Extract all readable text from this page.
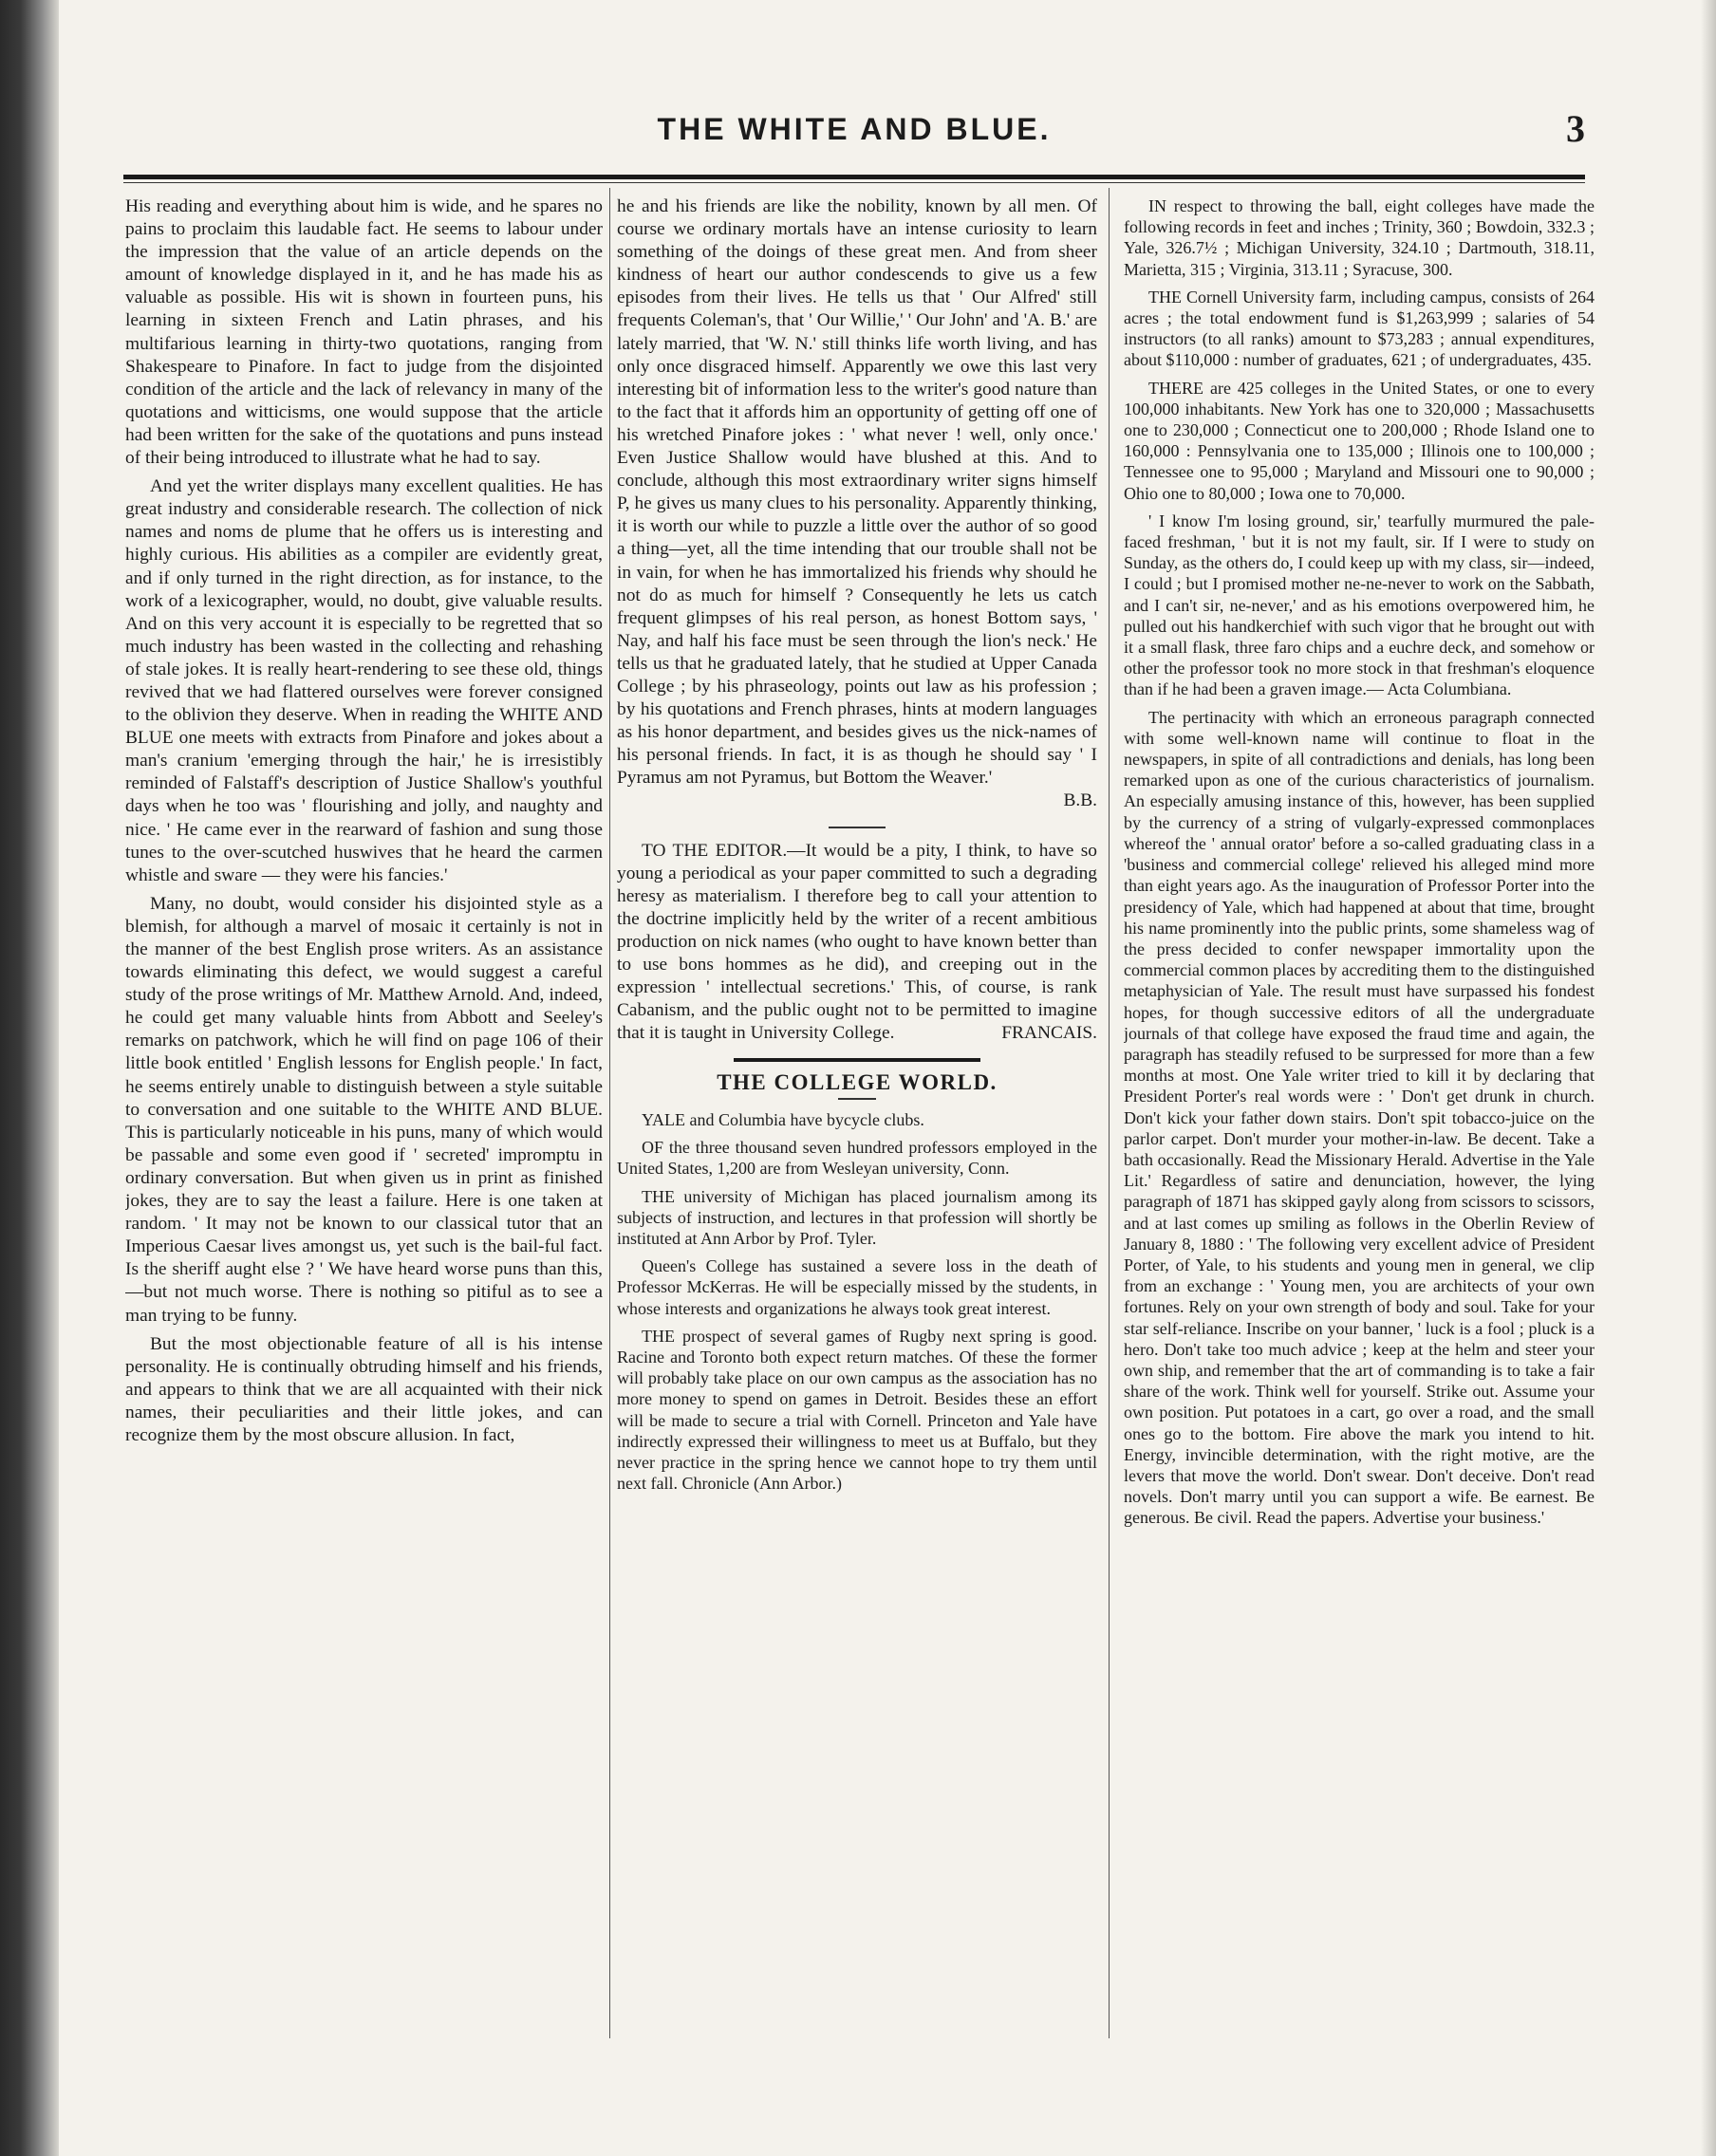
THE WHITE AND BLUE.	3

His reading and everything about him is wide, and he spares no pains to proclaim this laudable fact. He seems to labour under the impression that the value of an article depends on the amount of knowledge displayed in it, and he has made his as valuable as possible. His wit is shown in fourteen puns, his learning in sixteen French and Latin phrases, and his multifarious learning in thirty-two quotations, ranging from Shakespeare to Pinafore. In fact to judge from the disjointed condition of the article and the lack of relevancy in many of the quotations and witticisms, one would suppose that the article had been written for the sake of the quotations and puns instead of their being introduced to illustrate what he had to say.

And yet the writer displays many excellent qualities. He has great industry and considerable research. The collection of nick names and noms de plume that he offers us is interesting and highly curious. His abilities as a compiler are evidently great, and if only turned in the right direction, as for instance, to the work of a lexicographer, would, no doubt, give valuable results. And on this very account it is especially to be regretted that so much industry has been wasted in the collecting and rehashing of stale jokes. It is really heart-rendering to see these old, things revived that we had flattered ourselves were forever consigned to the oblivion they deserve. When in reading the WHITE AND BLUE one meets with extracts from Pinafore and jokes about a man's cranium 'emerging through the hair,' he is irresistibly reminded of Falstaff's description of Justice Shallow's youthful days when he too was ' flourishing and jolly, and naughty and nice. ' He came ever in the rearward of fashion and sung those tunes to the over-scutched huswives that he heard the carmen whistle and sware — they were his fancies.'

Many, no doubt, would consider his disjointed style as a blemish, for although a marvel of mosaic it certainly is not in the manner of the best English prose writers. As an assistance towards eliminating this defect, we would suggest a careful study of the prose writings of Mr. Matthew Arnold. And, indeed, he could get many valuable hints from Abbott and Seeley's remarks on patchwork, which he will find on page 106 of their little book entitled ' English lessons for English people.' In fact, he seems entirely unable to distinguish between a style suitable to conversation and one suitable to the WHITE AND BLUE. This is particularly noticeable in his puns, many of which would be passable and some even good if ' secreted' impromptu in ordinary conversation. But when given us in print as finished jokes, they are to say the least a failure. Here is one taken at random. ' It may not be known to our classical tutor that an Imperious Caesar lives amongst us, yet such is the bail-ful fact. Is the sheriff aught else ? ' We have heard worse puns than this,—but not much worse. There is nothing so pitiful as to see a man trying to be funny.

But the most objectionable feature of all is his intense personality. He is continually obtruding himself and his friends, and appears to think that we are all acquainted with their nick names, their peculiarities and their little jokes, and can recognize them by the most obscure allusion. In fact,

he and his friends are like the nobility, known by all men. Of course we ordinary mortals have an intense curiosity to learn something of the doings of these great men. And from sheer kindness of heart our author condescends to give us a few episodes from their lives. He tells us that ' Our Alfred' still frequents Coleman's, that ' Our Willie,' ' Our John' and 'A. B.' are lately married, that 'W. N.' still thinks life worth living, and has only once disgraced himself. Apparently we owe this last very interesting bit of information less to the writer's good nature than to the fact that it affords him an opportunity of getting off one of his wretched Pinafore jokes : ' what never ! well, only once.' Even Justice Shallow would have blushed at this. And to conclude, although this most extraordinary writer signs himself P, he gives us many clues to his personality. Apparently thinking, it is worth our while to puzzle a little over the author of so good a thing—yet, all the time intending that our trouble shall not be in vain, for when he has immortalized his friends why should he not do as much for himself ? Consequently he lets us catch frequent glimpses of his real person, as honest Bottom says, ' Nay, and half his face must be seen through the lion's neck.' He tells us that he graduated lately, that he studied at Upper Canada College ; by his phraseology, points out law as his profession ; by his quotations and French phrases, hints at modern languages as his honor department, and besides gives us the nick-names of his personal friends. In fact, it is as though he should say ' I Pyramus am not Pyramus, but Bottom the Weaver.'

B.B.

TO THE EDITOR.—It would be a pity, I think, to have so young a periodical as your paper committed to such a degrading heresy as materialism. I therefore beg to call your attention to the doctrine implicitly held by the writer of a recent ambitious production on nick names (who ought to have known better than to use bons hommes as he did), and creeping out in the expression ' intellectual secretions.' This, of course, is rank Cabanism, and the public ought not to be permitted to imagine that it is taught in University College.	FRANCAIS.

THE COLLEGE WORLD.

YALE and Columbia have bycycle clubs.

OF the three thousand seven hundred professors employed in the United States, 1,200 are from Wesleyan university, Conn.

THE university of Michigan has placed journalism among its subjects of instruction, and lectures in that profession will shortly be instituted at Ann Arbor by Prof. Tyler.

Queen's College has sustained a severe loss in the death of Professor McKerras. He will be especially missed by the students, in whose interests and organizations he always took great interest.

THE prospect of several games of Rugby next spring is good. Racine and Toronto both expect return matches. Of these the former will probably take place on our own campus as the association has no more money to spend on games in Detroit. Besides these an effort will be made to secure a trial with Cornell. Princeton and Yale have indirectly expressed their willingness to meet us at Buffalo, but they never practice in the spring hence we cannot hope to try them until next fall. Chronicle (Ann Arbor.)

IN respect to throwing the ball, eight colleges have made the following records in feet and inches ; Trinity, 360 ; Bowdoin, 332.3 ; Yale, 326.7½ ; Michigan University, 324.10 ; Dartmouth, 318.11, Marietta, 315 ; Virginia, 313.11 ; Syracuse, 300.

THE Cornell University farm, including campus, consists of 264 acres ; the total endowment fund is $1,263,999 ; salaries of 54 instructors (to all ranks) amount to $73,283 ; annual expenditures, about $110,000 : number of graduates, 621 ; of undergraduates, 435.

THERE are 425 colleges in the United States, or one to every 100,000 inhabitants. New York has one to 320,000 ; Massachusetts one to 230,000 ; Connecticut one to 200,000 ; Rhode Island one to 160,000 : Pennsylvania one to 135,000 ; Illinois one to 100,000 ; Tennessee one to 95,000 ; Maryland and Missouri one to 90,000 ; Ohio one to 80,000 ; Iowa one to 70,000.

' I know I'm losing ground, sir,' tearfully murmured the pale-faced freshman, ' but it is not my fault, sir. If I were to study on Sunday, as the others do, I could keep up with my class, sir—indeed, I could ; but I promised mother ne-ne-never to work on the Sabbath, and I can't sir, ne-never,' and as his emotions overpowered him, he pulled out his handkerchief with such vigor that he brought out with it a small flask, three faro chips and a euchre deck, and somehow or other the professor took no more stock in that freshman's eloquence than if he had been a graven image.— Acta Columbiana.

The pertinacity with which an erroneous paragraph connected with some well-known name will continue to float in the newspapers, in spite of all contradictions and denials, has long been remarked upon as one of the curious characteristics of journalism. An especially amusing instance of this, however, has been supplied by the currency of a string of vulgarly-expressed commonplaces whereof the ' annual orator' before a so-called graduating class in a 'business and commercial college' relieved his alleged mind more than eight years ago. As the inauguration of Professor Porter into the presidency of Yale, which had happened at about that time, brought his name prominently into the public prints, some shameless wag of the press decided to confer newspaper immortality upon the commercial common places by accrediting them to the distinguished metaphysician of Yale. The result must have surpassed his fondest hopes, for though successive editors of all the undergraduate journals of that college have exposed the fraud time and again, the paragraph has steadily refused to be surpressed for more than a few months at most. One Yale writer tried to kill it by declaring that President Porter's real words were : ' Don't get drunk in church. Don't kick your father down stairs. Don't spit tobacco-juice on the parlor carpet. Don't murder your mother-in-law. Be decent. Take a bath occasionally. Read the Missionary Herald. Advertise in the Yale Lit.' Regardless of satire and denunciation, however, the lying paragraph of 1871 has skipped gayly along from scissors to scissors, and at last comes up smiling as follows in the Oberlin Review of January 8, 1880 : ' The following very excellent advice of President Porter, of Yale, to his students and young men in general, we clip from an exchange : ' Young men, you are architects of your own fortunes. Rely on your own strength of body and soul. Take for your star self-reliance. Inscribe on your banner, ' luck is a fool ; pluck is a hero. Don't take too much advice ; keep at the helm and steer your own ship, and remember that the art of commanding is to take a fair share of the work. Think well for yourself. Strike out. Assume your own position. Put potatoes in a cart, go over a road, and the small ones go to the bottom. Fire above the mark you intend to hit. Energy, invincible determination, with the right motive, are the levers that move the world. Don't swear. Don't deceive. Don't read novels. Don't marry until you can support a wife. Be earnest. Be generous. Be civil. Read the papers. Advertise your business.'
